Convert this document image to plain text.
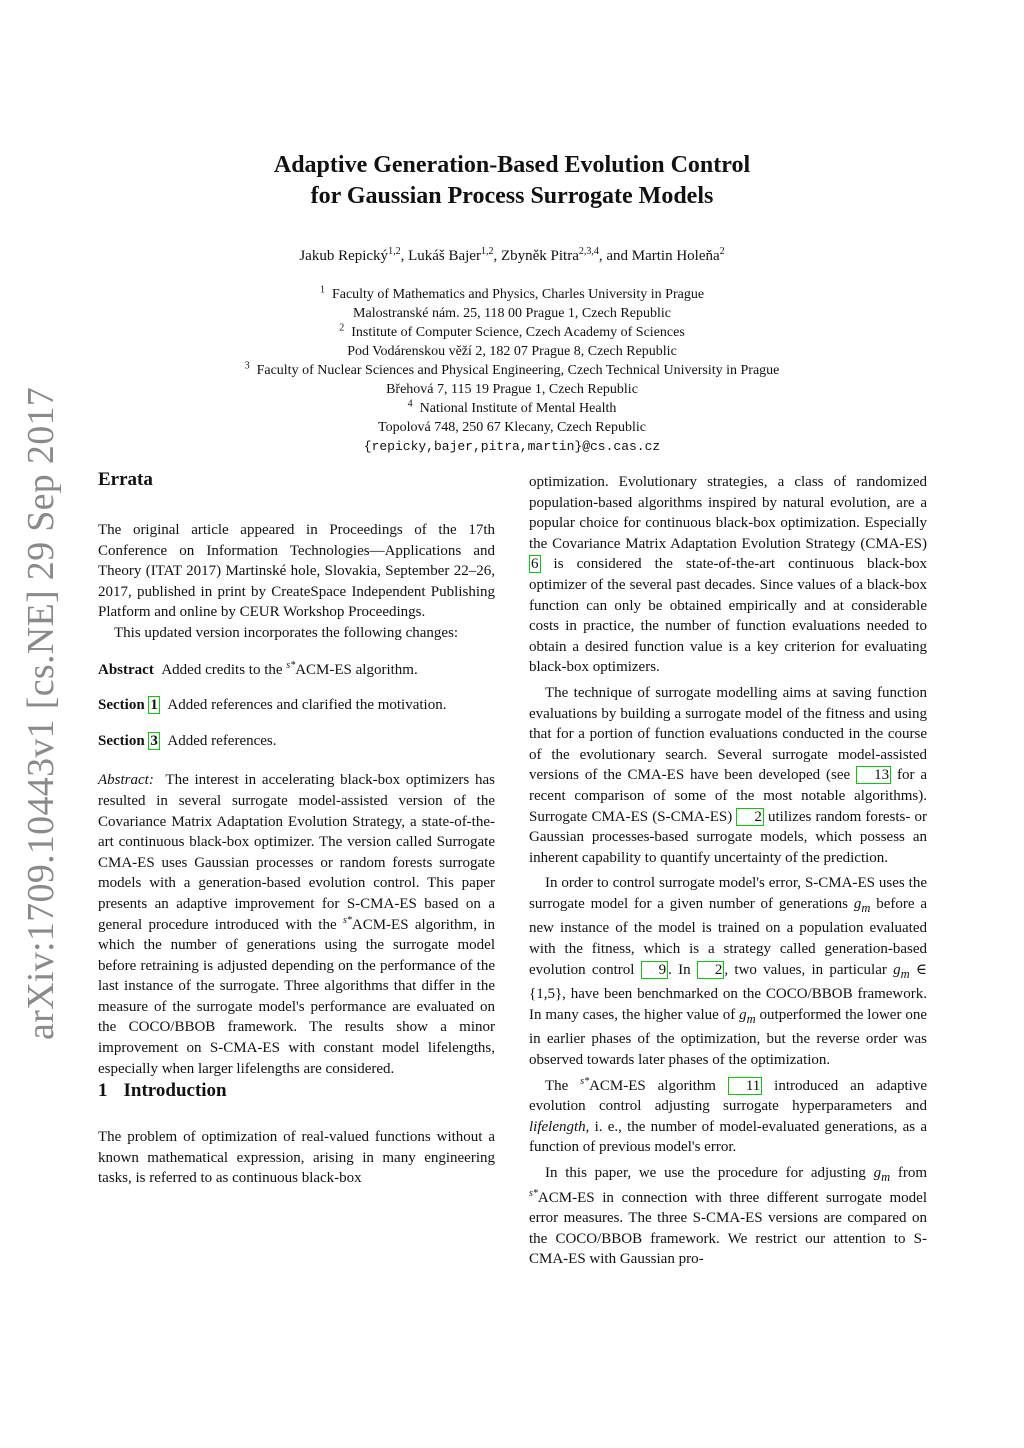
arXiv:1709.10443v1 [cs.NE] 29 Sep 2017
Adaptive Generation-Based Evolution Control
for Gaussian Process Surrogate Models
Jakub Repický$^{1,2}$, Lukáš Bajer$^{1,2}$, Zbyněk Pitra$^{2,3,4}$, and Martin Holeňa$^2$
$^1$ Faculty of Mathematics and Physics, Charles University in Prague
Malostranské nám. 25, 118 00 Prague 1, Czech Republic
$^2$ Institute of Computer Science, Czech Academy of Sciences
Pod Vodárenskou věží 2, 182 07 Prague 8, Czech Republic
$^3$ Faculty of Nuclear Sciences and Physical Engineering, Czech Technical University in Prague
Břehová 7, 115 19 Prague 1, Czech Republic
$^4$ National Institute of Mental Health
Topolová 748, 250 67 Klecany, Czech Republic
{repicky,bajer,pitra,martin}@cs.cas.cz
Errata

The original article appeared in Proceedings of the 17th Conference on Information Technologies—Applications and Theory (ITAT 2017) Martinské hole, Slovakia, September 22–26, 2017, published in print by CreateSpace Independent Publishing Platform and online by CEUR Workshop Proceedings.

This updated version incorporates the following changes:

Abstract Added credits to the $^{s*}$ACM-ES algorithm.

Section 1 Added references and clarified the motivation.

Section 3 Added references.

Abstract: The interest in accelerating black-box optimizers has resulted in several surrogate model-assisted version of the Covariance Matrix Adaptation Evolution Strategy, a state-of-the-art continuous black-box optimizer. The version called Surrogate CMA-ES uses Gaussian processes or random forests surrogate models with a generation-based evolution control. This paper presents an adaptive improvement for S-CMA-ES based on a general procedure introduced with the $^{s*}$ACM-ES algorithm, in which the number of generations using the surrogate model before retraining is adjusted depending on the performance of the last instance of the surrogate. Three algorithms that differ in the measure of the surrogate model's performance are evaluated on the COCO/BBOB framework. The results show a minor improvement on S-CMA-ES with constant model lifelengths, especially when larger lifelengths are considered.

1 Introduction

The problem of optimization of real-valued functions without a known mathematical expression, arising in many engineering tasks, is referred to as continuous black-box

optimization. Evolutionary strategies, a class of randomized population-based algorithms inspired by natural evolution, are a popular choice for continuous black-box optimization. Especially the Covariance Matrix Adaptation Evolution Strategy (CMA-ES) 6 is considered the state-of-the-art continuous black-box optimizer of the several past decades. Since values of a black-box function can only be obtained empirically and at considerable costs in practice, the number of function evaluations needed to obtain a desired function value is a key criterion for evaluating black-box optimizers.

The technique of surrogate modelling aims at saving function evaluations by building a surrogate model of the fitness and using that for a portion of function evaluations conducted in the course of the evolutionary search. Several surrogate model-assisted versions of the CMA-ES have been developed (see 13 for a recent comparison of some of the most notable algorithms). Surrogate CMA-ES (S-CMA-ES) 2 utilizes random forests- or Gaussian processes-based surrogate models, which possess an inherent capability to quantify uncertainty of the prediction.

In order to control surrogate model's error, S-CMA-ES uses the surrogate model for a given number of generations $g_m$ before a new instance of the model is trained on a population evaluated with the fitness, which is a strategy called generation-based evolution control 9 . In 2 , two values, in particular $g_m$ ∈ {1,5}, have been benchmarked on the COCO/BBOB framework. In many cases, the higher value of $g_m$ outperformed the lower one in earlier phases of the optimization, but the reverse order was observed towards later phases of the optimization.

The $^{s*}$ACM-ES algorithm 11 introduced an adaptive evolution control adjusting surrogate hyperparameters and lifelength, i. e., the number of model-evaluated generations, as a function of previous model's error.

In this paper, we use the procedure for adjusting $g_m$ from $^{s*}$ACM-ES in connection with three different surrogate model error measures. The three S-CMA-ES versions are compared on the COCO/BBOB framework. We restrict our attention to S-CMA-ES with Gaussian pro-
